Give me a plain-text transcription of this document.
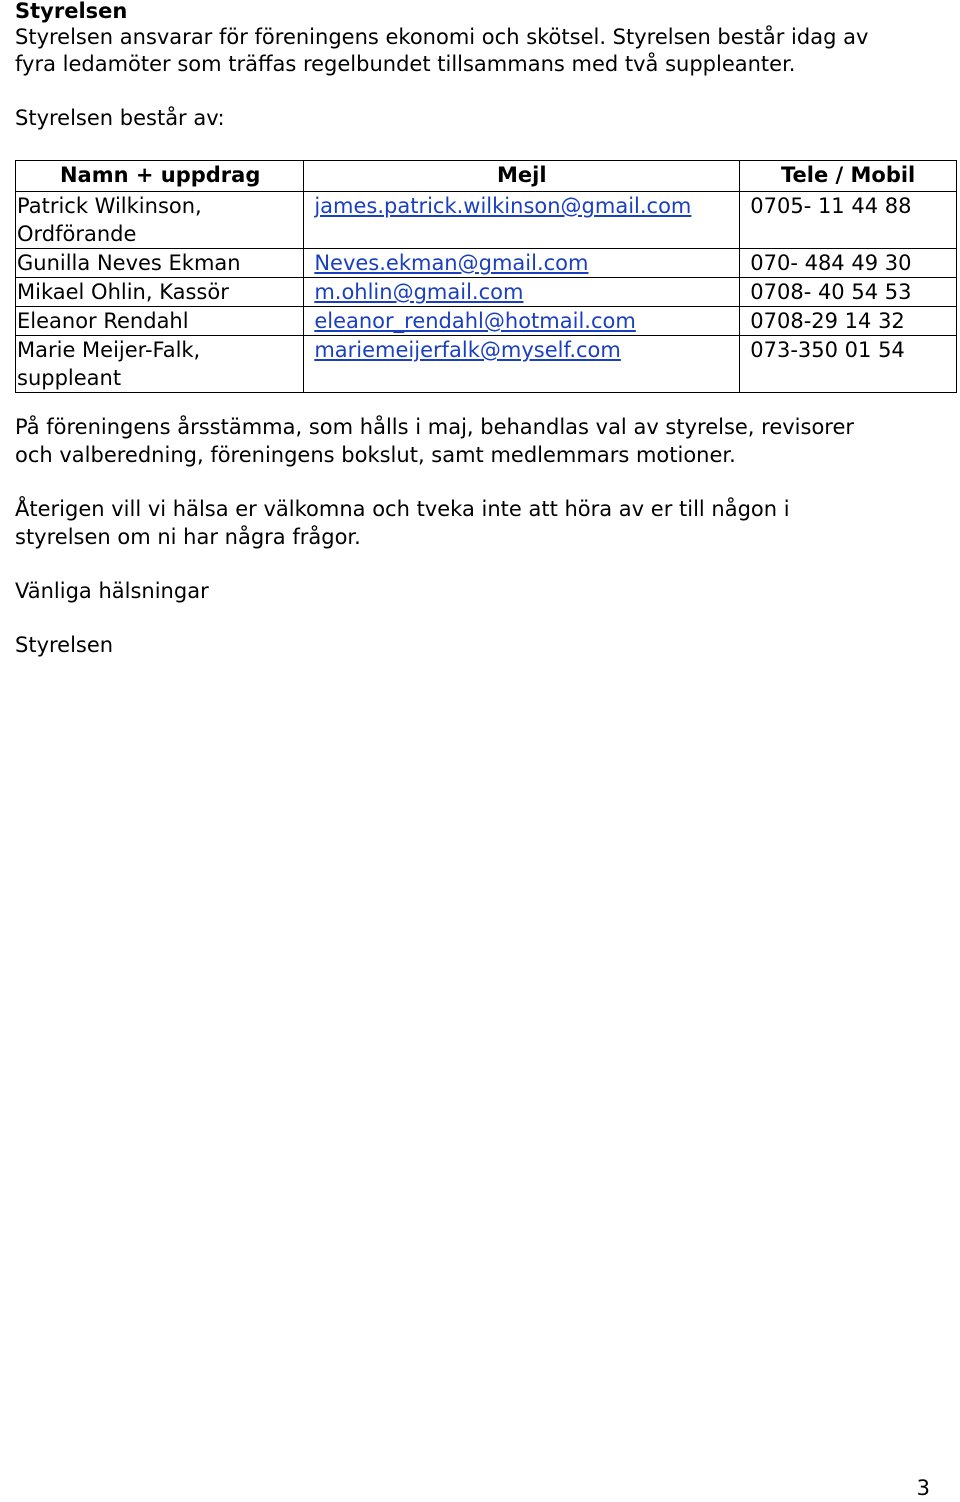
Styrelsen

Styrelsen ansvarar för föreningens ekonomi och skötsel. Styrelsen består idag av
fyra ledamöter som träffas regelbundet tillsammans med två suppleanter.

Styrelsen består av:

Namn + uppdrag	Mejl	Tele / Mobil

Patrick Wilkinson,
Ordförande	james.patrick.wilkinson@gmail.com	0705- 11 44 88

Gunilla Neves Ekman	Neves.ekman@gmail.com	070- 484 49 30

Mikael Ohlin, Kassör	m.ohlin@gmail.com	0708- 40 54 53

Eleanor Rendahl	eleanor_rendahl@hotmail.com	0708-29 14 32

Marie Meijer-Falk,
suppleant	mariemeijerfalk@myself.com	073-350 01 54

På föreningens årsstämma, som hålls i maj, behandlas val av styrelse, revisorer
och valberedning, föreningens bokslut, samt medlemmars motioner.

Återigen vill vi hälsa er välkomna och tveka inte att höra av er till någon i
styrelsen om ni har några frågor.

Vänliga hälsningar

Styrelsen

3
